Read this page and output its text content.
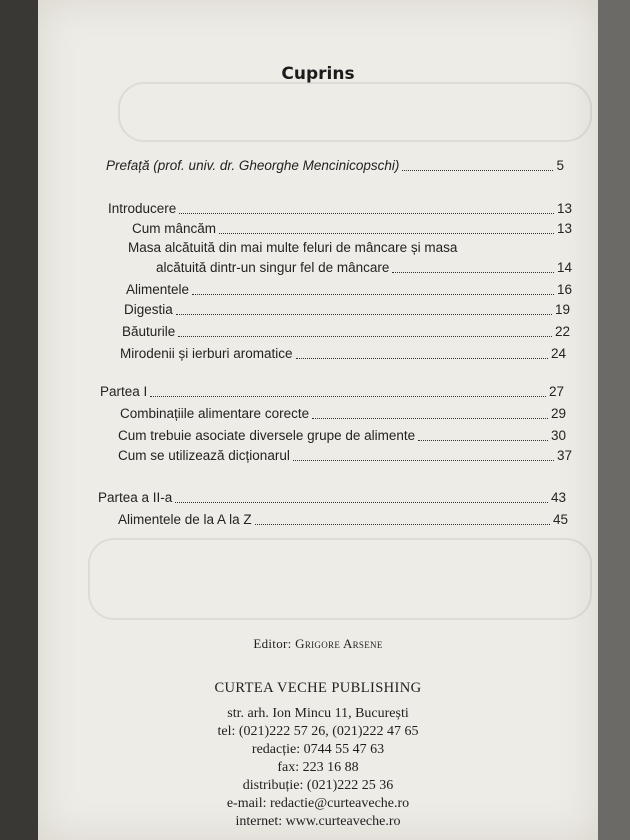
Cuprins
Prefață (prof. univ. dr. Gheorghe Mencinicopschi)	5
Introducere	13
Cum mâncăm	13
Masa alcătuită din mai multe feluri de mâncare și masa
alcătuită dintr-un singur fel de mâncare	14
Alimentele	16
Digestia	19
Băuturile	22
Mirodenii și ierburi aromatice	24
Partea I	27
Combinațiile alimentare corecte	29
Cum trebuie asociate diversele grupe de alimente	30
Cum se utilizează dicționarul	37
Partea a II-a	43
Alimentele de la A la Z	45
Editor: Grigore Arsene
CURTEA VECHE PUBLISHING
str. arh. Ion Mincu 11, București
tel: (021)222 57 26, (021)222 47 65
redacție: 0744 55 47 63
fax: 223 16 88
distribuție: (021)222 25 36
e-mail: redactie@curteaveche.ro
internet: www.curteaveche.ro
